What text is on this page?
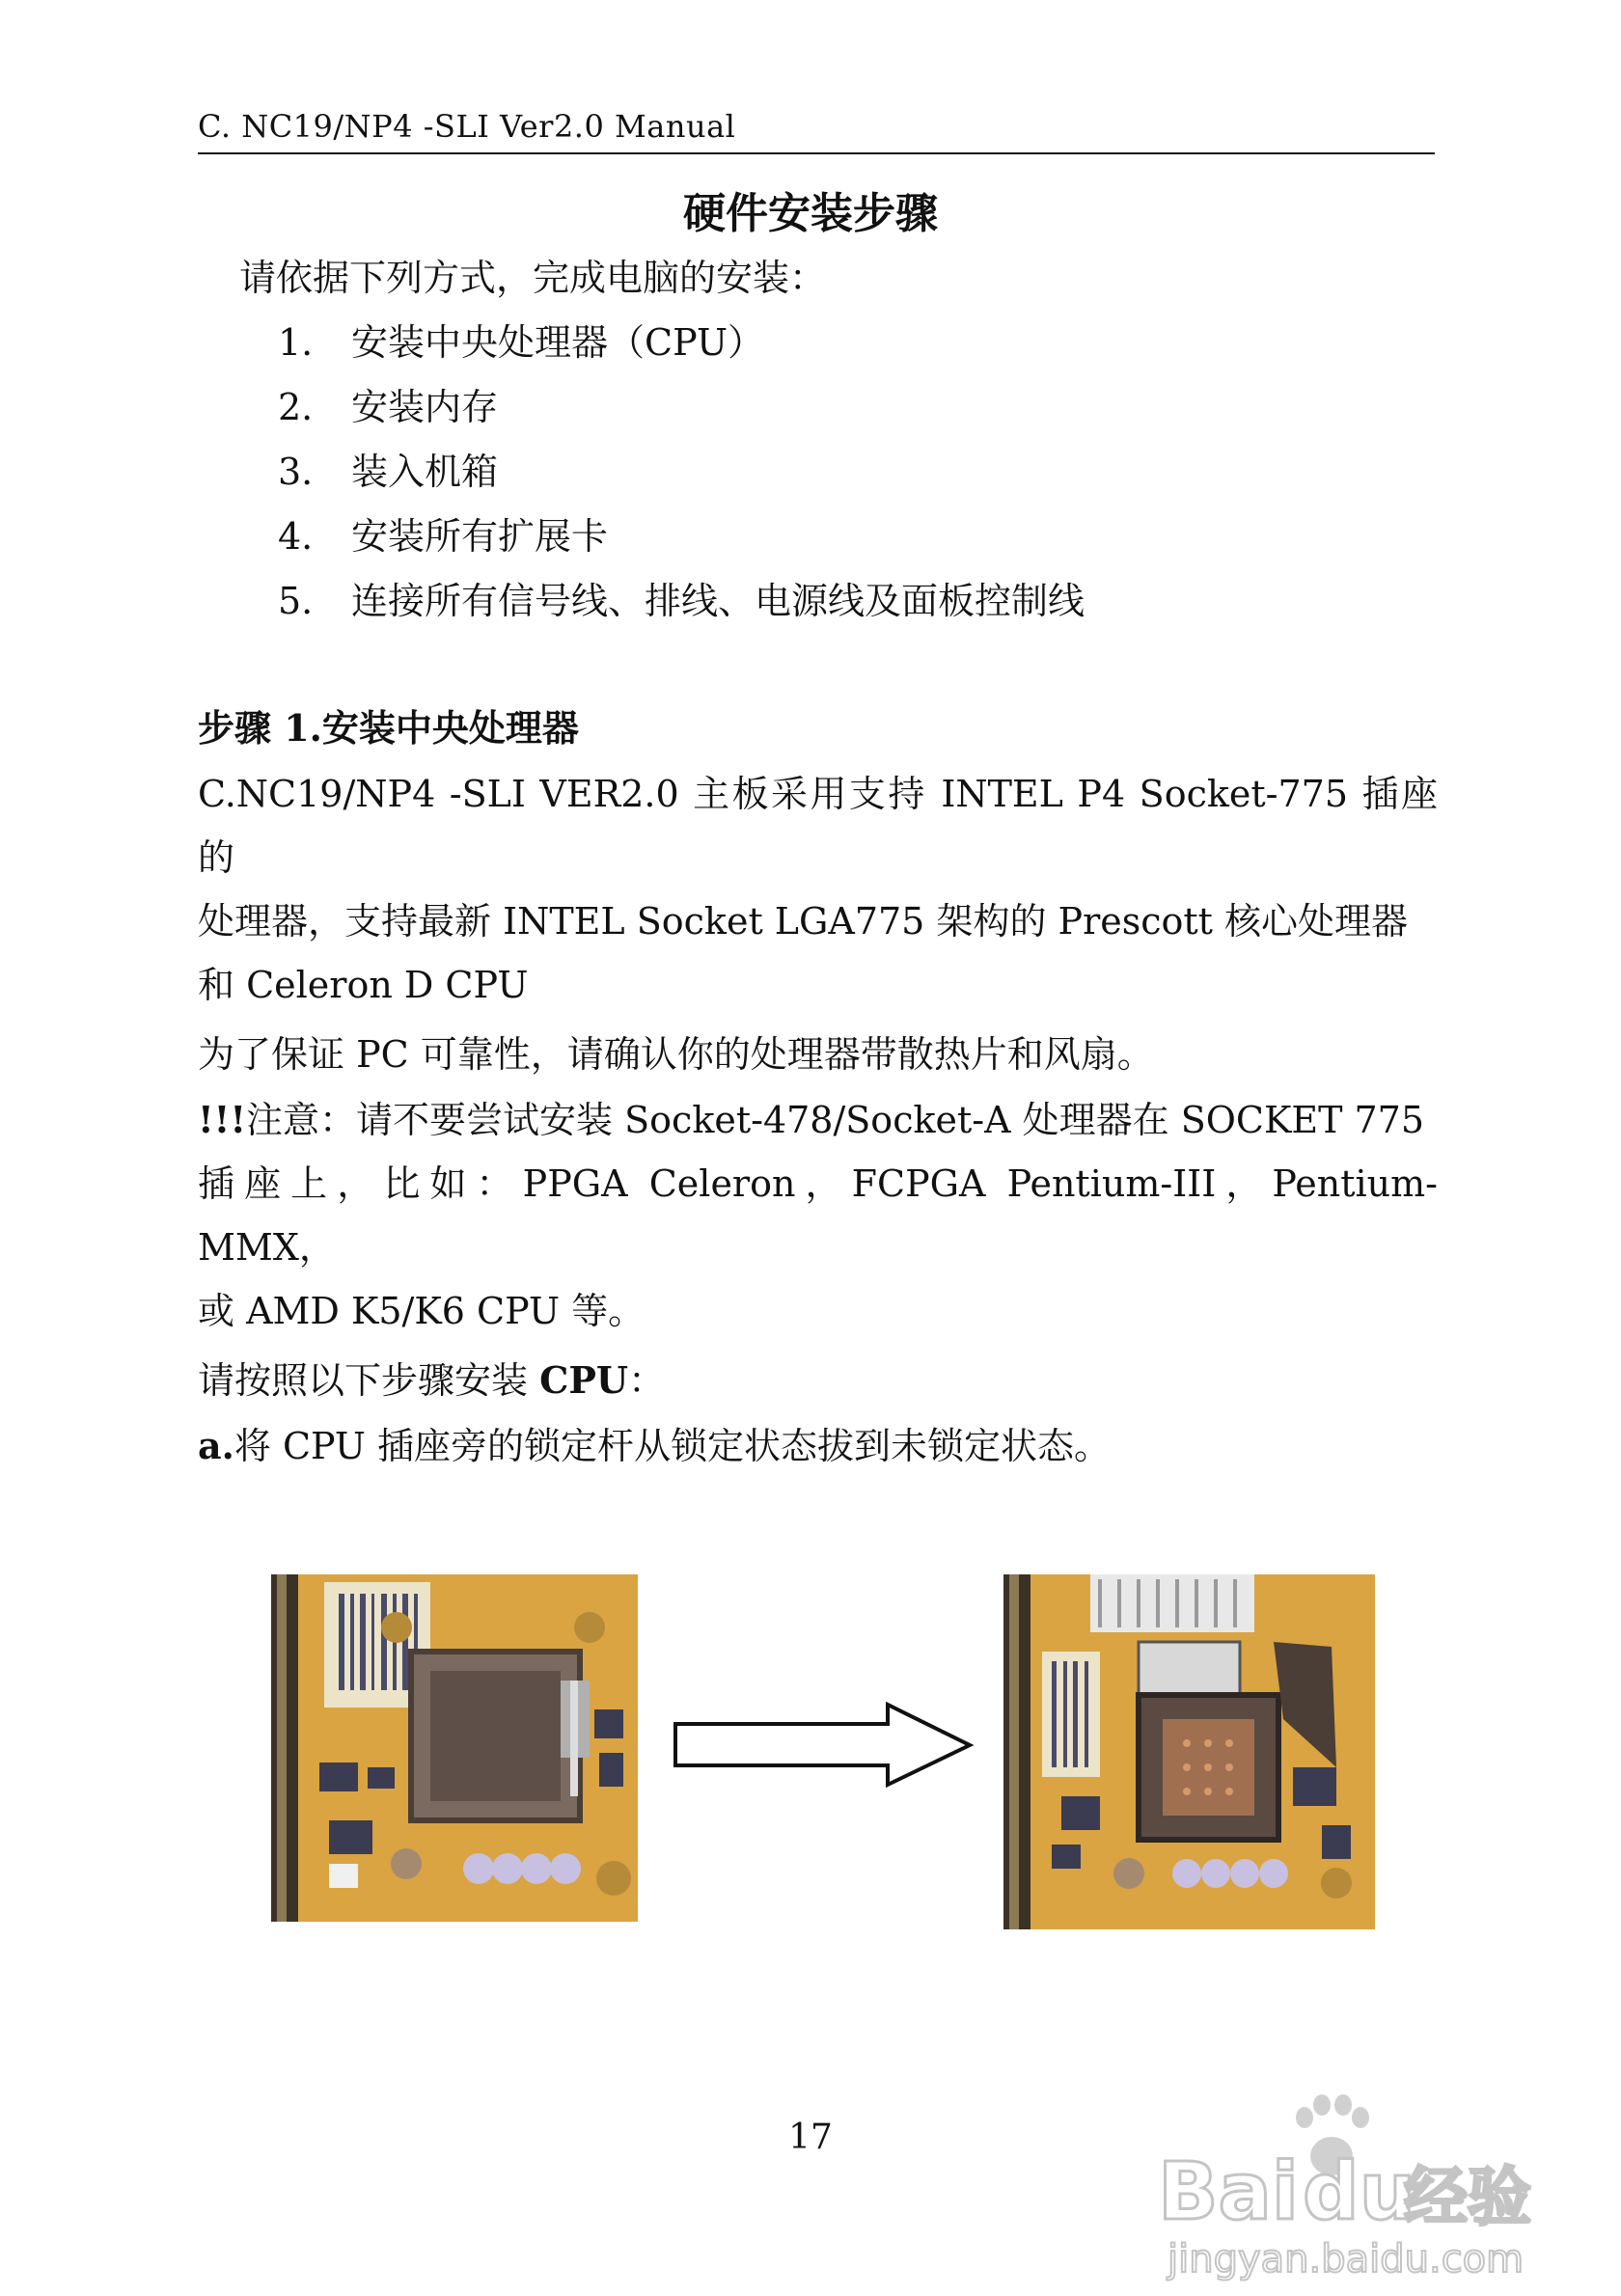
C. NC19/NP4 -SLI Ver2.0 Manual
硬件安装步骤
请依据下列方式，完成电脑的安装：
1. 安装中央处理器（CPU）
2. 安装内存
3. 装入机箱
4. 安装所有扩展卡
5. 连接所有信号线、排线、电源线及面板控制线
步骤 1.安装中央处理器
C.NC19/NP4 -SLI VER2.0 主板采用支持 INTEL P4 Socket-775 插座的
处理器，支持最新 INTEL Socket LGA775 架构的 Prescott 核心处理器
和 Celeron D CPU
为了保证 PC 可靠性，请确认你的处理器带散热片和风扇。
!!!注意：请不要尝试安装 Socket-478/Socket-A 处理器在 SOCKET 775
插座上，比如：PPGA Celeron，FCPGA Pentium-III，Pentium-MMX，
或 AMD K5/K6 CPU 等。
请按照以下步骤安装 CPU：
a.将 CPU 插座旁的锁定杆从锁定状态拔到未锁定状态。
17
Bai du
经验
jingyan.baidu.com
